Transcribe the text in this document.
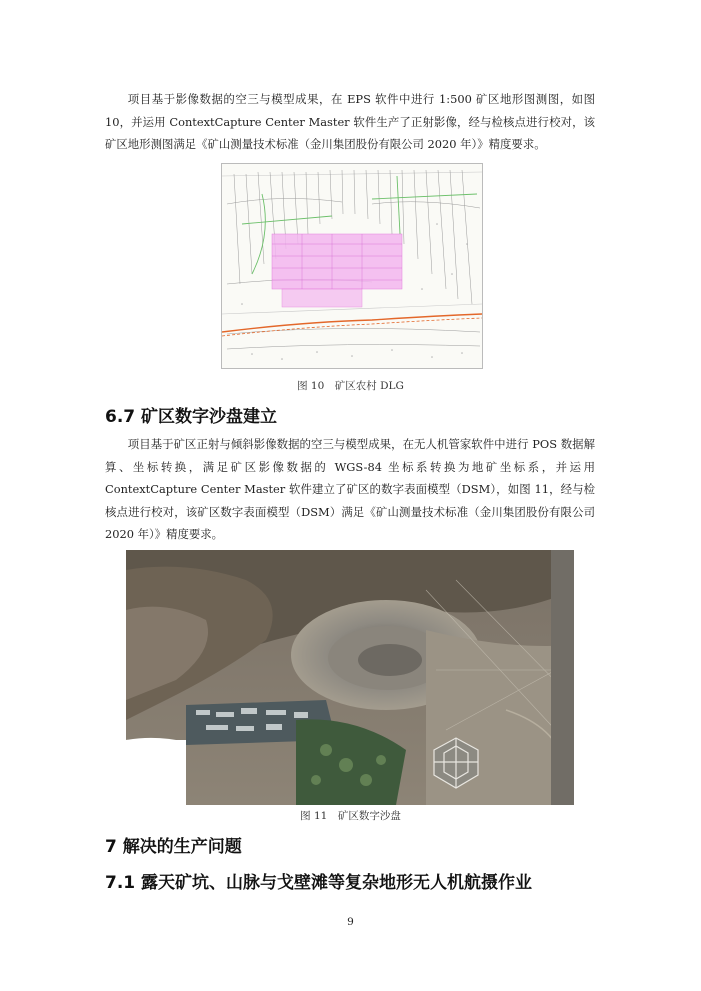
项目基于影像数据的空三与模型成果，在 EPS 软件中进行 1:500 矿区地形图测图，如图 10，并运用 ContextCapture Center Master 软件生产了正射影像，经与检核点进行校对，该矿区地形测图满足《矿山测量技术标准（金川集团股份有限公司 2020 年）》精度要求。

图 10　矿区农村 DLG

6.7 矿区数字沙盘建立

项目基于矿区正射与倾斜影像数据的空三与模型成果，在无人机管家软件中进行 POS 数据解算、坐标转换，满足矿区影像数据的 WGS-84 坐标系转换为地矿坐标系，并运用 ContextCapture Center Master 软件建立了矿区的数字表面模型（DSM），如图 11，经与检核点进行校对，该矿区数字表面模型（DSM）满足《矿山测量技术标准（金川集团股份有限公司 2020 年）》精度要求。

图 11　矿区数字沙盘

7 解决的生产问题
7.1 露天矿坑、山脉与戈壁滩等复杂地形无人机航摄作业
9
